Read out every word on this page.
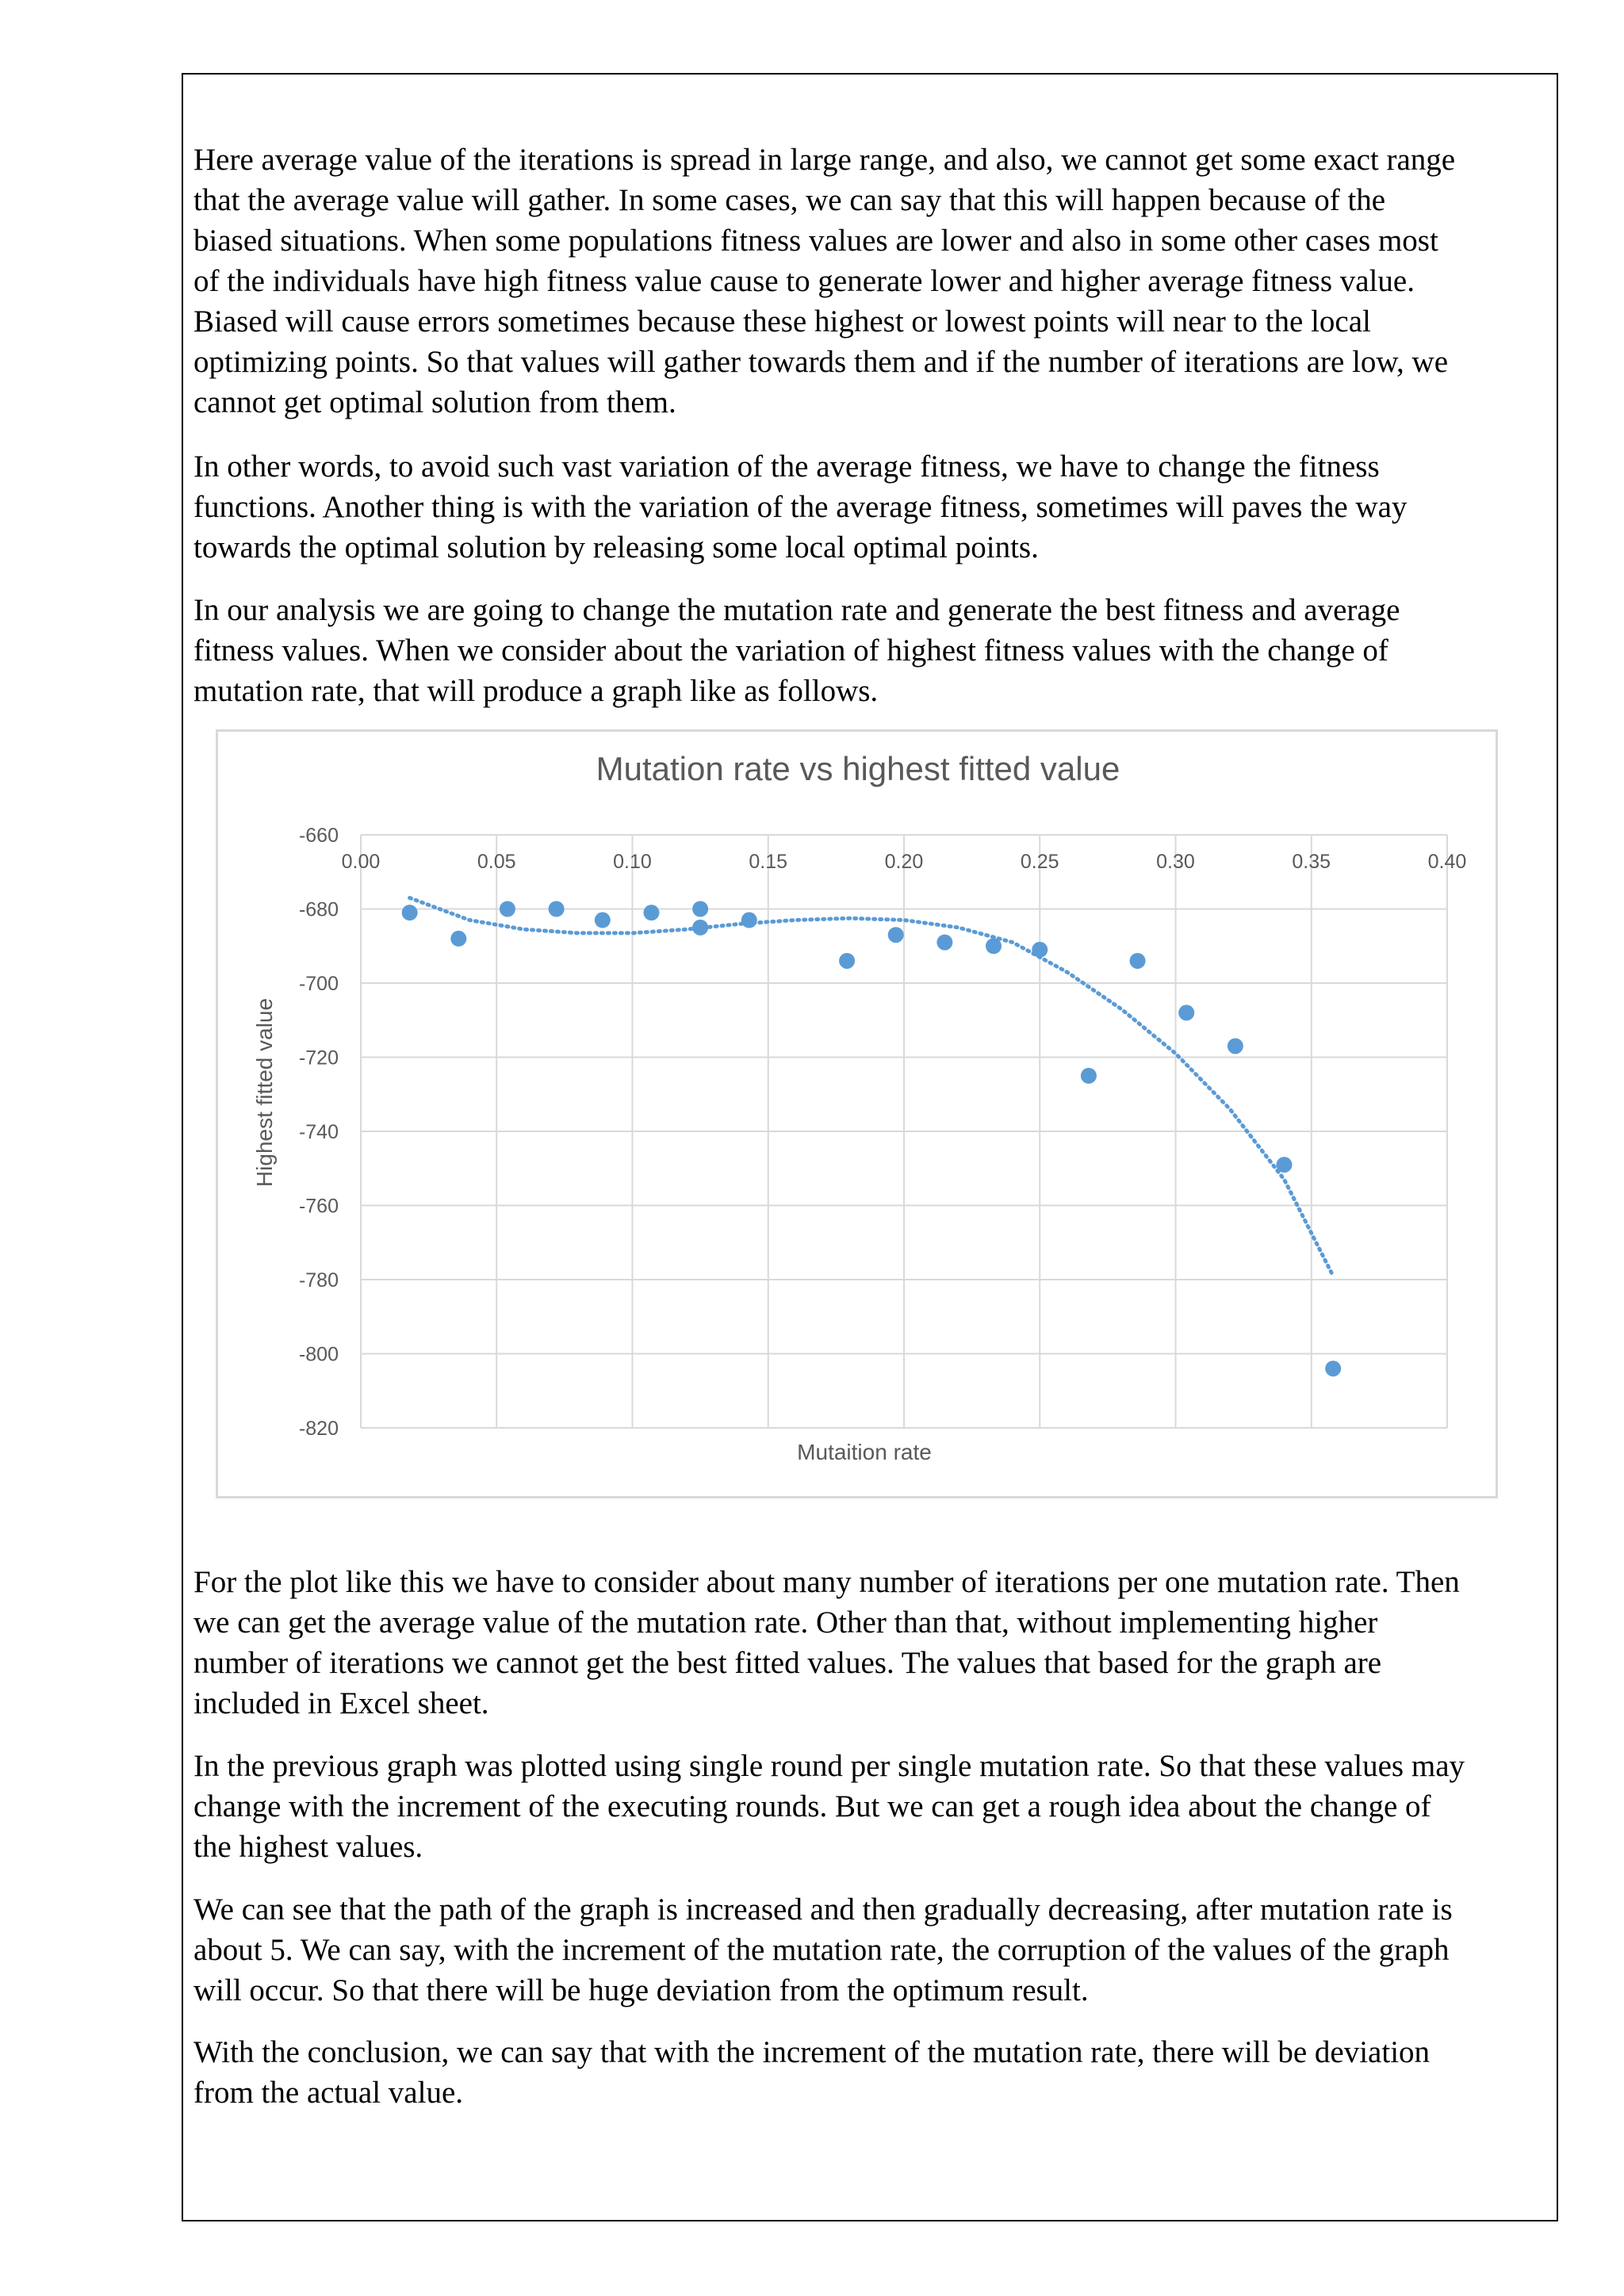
Here average value of the iterations is spread in large range, and also, we cannot get some exact range
that the average value will gather. In some cases, we can say that this will happen because of the
biased situations. When some populations fitness values are lower and also in some other cases most
of the individuals have high fitness value cause to generate lower and higher average fitness value.
Biased will cause errors sometimes because these highest or lowest points will near to the local
optimizing points. So that values will gather towards them and if the number of iterations are low, we
cannot get optimal solution from them.

In other words, to avoid such vast variation of the average fitness, we have to change the fitness
functions. Another thing is with the variation of the average fitness, sometimes will paves the way
towards the optimal solution by releasing some local optimal points.

In our analysis we are going to change the mutation rate and generate the best fitness and average
fitness values. When we consider about the variation of highest fitness values with the change of
mutation rate, that will produce a graph like as follows.

Mutation rate vs highest fitted value
-660
-680
-700
-720
-740
-760
-780
-800
-820
0.00	0.05	0.10	0.15	0.20	0.25	0.30	0.35	0.40
Mutaition rate
Highest fitted value

For the plot like this we have to consider about many number of iterations per one mutation rate. Then
we can get the average value of the mutation rate. Other than that, without implementing higher
number of iterations we cannot get the best fitted values. The values that based for the graph are
included in Excel sheet.

In the previous graph was plotted using single round per single mutation rate. So that these values may
change with the increment of the executing rounds. But we can get a rough idea about the change of
the highest values.

We can see that the path of the graph is increased and then gradually decreasing, after mutation rate is
about 5. We can say, with the increment of the mutation rate, the corruption of the values of the graph
will occur. So that there will be huge deviation from the optimum result.

With the conclusion, we can say that with the increment of the mutation rate, there will be deviation
from the actual value.
